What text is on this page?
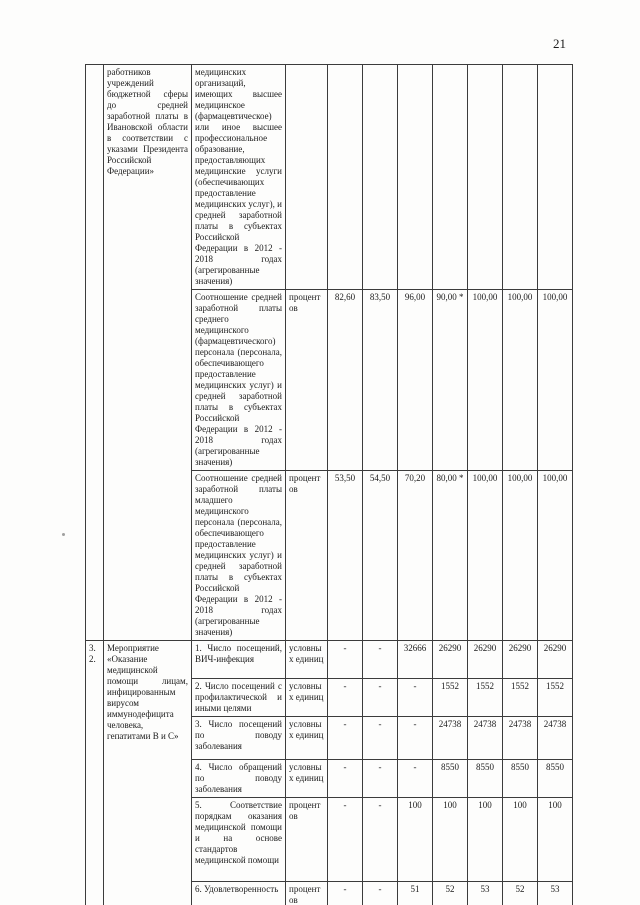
21
	работников учреждений бюджетной сферы до средней заработной платы в Ивановской области в соответствии с указами Президента Российской Федерации»	медицинских организаций, имеющих высшее медицинское (фармацевтическое) или иное высшее профессиональное образование, предоставляющих медицинские услуги (обеспечивающих предоставление медицинских услуг), и средней заработной платы в субъектах Российской Федерации в 2012 - 2018 годах (агрегированные значения)								
		Соотношение средней заработной платы среднего медицинского (фармацевтического) персонала (персонала, обеспечивающего предоставление медицинских услуг) и средней заработной платы в субъектах Российской Федерации в 2012 - 2018 годах (агрегированные значения)	процентов	82,60	83,50	96,00	90,00 *	100,00	100,00	100,00
		Соотношение средней заработной платы младшего медицинского персонала (персонала, обеспечивающего предоставление медицинских услуг) и средней заработной платы в субъектах Российской Федерации в 2012 - 2018 годах (агрегированные значения)	процентов	53,50	54,50	70,20	80,00 *	100,00	100,00	100,00
3.2.	Мероприятие «Оказание медицинской помощи лицам, инфицированным вирусом иммунодефицита человека, гепатитами B и C»	1. Число посещений, ВИЧ-инфекция	условных единиц	-	-	32666	26290	26290	26290	26290
		2. Число посещений с профилактической и иными целями	условных единиц	-	-	-	1552	1552	1552	1552
		3. Число посещений по поводу заболевания	условных единиц	-	-	-	24738	24738	24738	24738
		4. Число обращений по поводу заболевания	условных единиц	-	-	-	8550	8550	8550	8550
		5. Соответствие порядкам оказания медицинской помощи и на основе стандартов медицинской помощи	процентов	-	-	100	100	100	100	100
		6. Удовлетворенность	процентов	-	-	51	52	53	52	53
